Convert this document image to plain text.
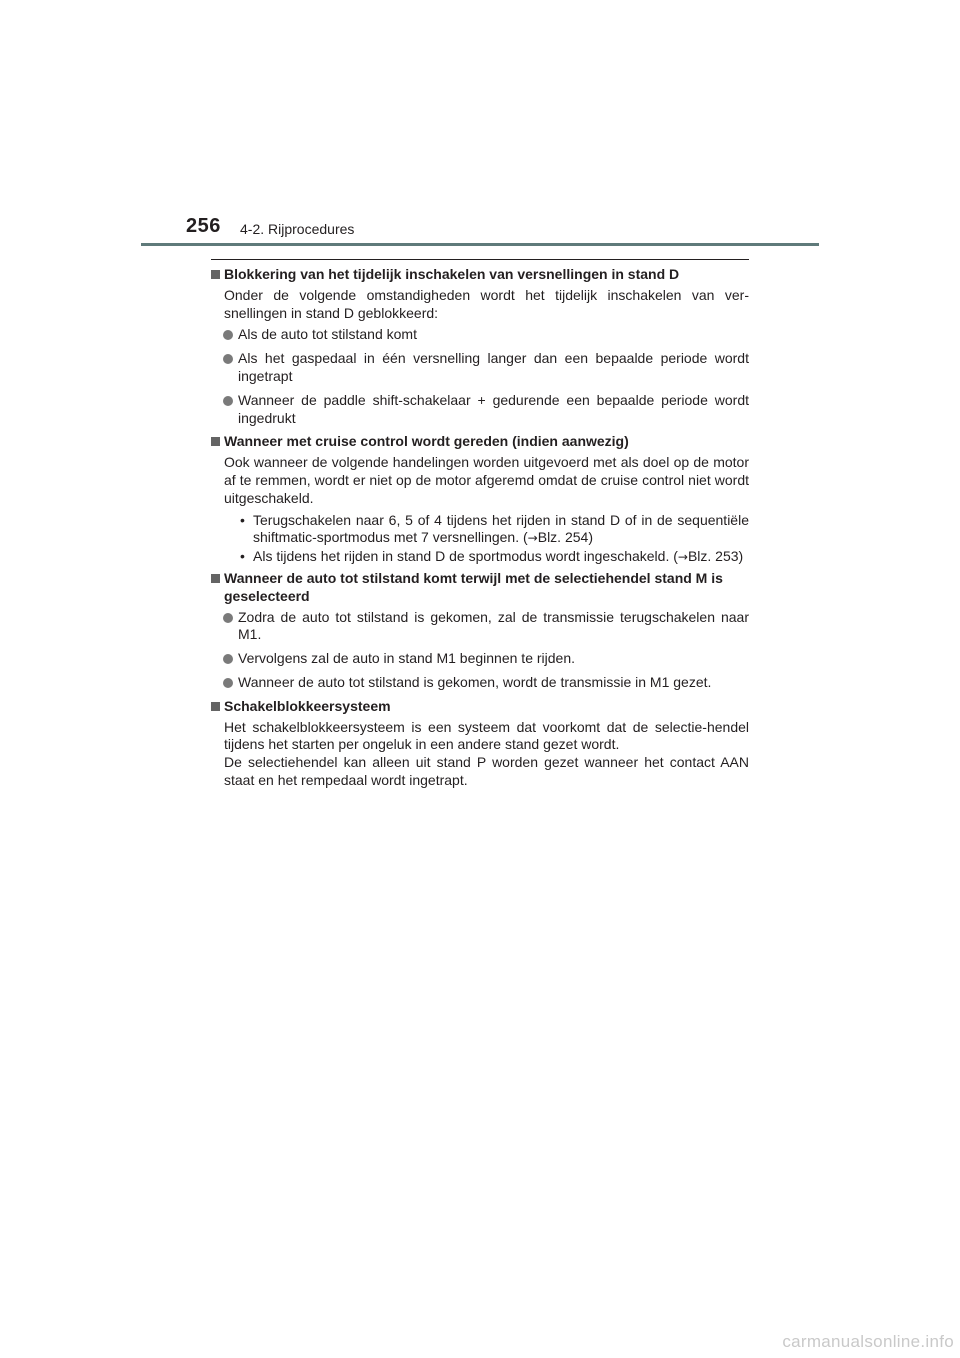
256 4-2. Rijprocedures
Blokkering van het tijdelijk inschakelen van versnellingen in stand D
Onder de volgende omstandigheden wordt het tijdelijk inschakelen van ver-snellingen in stand D geblokkeerd:
Als de auto tot stilstand komt
Als het gaspedaal in één versnelling langer dan een bepaalde periode wordt ingetrapt
Wanneer de paddle shift-schakelaar + gedurende een bepaalde periode wordt ingedrukt
Wanneer met cruise control wordt gereden (indien aanwezig)
Ook wanneer de volgende handelingen worden uitgevoerd met als doel op de motor af te remmen, wordt er niet op de motor afgeremd omdat de cruise control niet wordt uitgeschakeld.
• Terugschakelen naar 6, 5 of 4 tijdens het rijden in stand D of in de sequentiële shiftmatic-sportmodus met 7 versnellingen. (→Blz. 254)
• Als tijdens het rijden in stand D de sportmodus wordt ingeschakeld. (→Blz. 253)
Wanneer de auto tot stilstand komt terwijl met de selectiehendel stand M is geselecteerd
Zodra de auto tot stilstand is gekomen, zal de transmissie terugschakelen naar M1.
Vervolgens zal de auto in stand M1 beginnen te rijden.
Wanneer de auto tot stilstand is gekomen, wordt de transmissie in M1 gezet.
Schakelblokkeersysteem
Het schakelblokkeersysteem is een systeem dat voorkomt dat de selectie-hendel tijdens het starten per ongeluk in een andere stand gezet wordt.
De selectiehendel kan alleen uit stand P worden gezet wanneer het contact AAN staat en het rempedaal wordt ingetrapt.
carmanualsonline.info
